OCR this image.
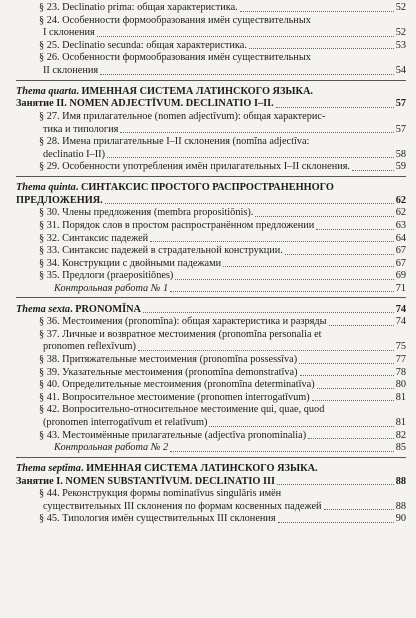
§ 23. Declinatio prima: общая характеристика.	52
§ 24. Особенности формообразования имён существительных
I склонения	52
§ 25. Declinatio secunda: общая характеристика.	53
§ 26. Особенности формообразования имён существительных
II склонения	54
Thema quarta. ИМЕННАЯ СИСТЕМА ЛАТИНСКОГО ЯЗЫКА.
Занятие II. NOMEN ADJECTĪVUM. DECLINATIO I–II.	57
§ 27. Имя прилагательное (nomen adjectīvum): общая характерис-
тика и типология	57
§ 28. Имена прилагательные I–II склонения (nomĭna adjectīva:
declinatio I–II)	58
§ 29. Особенности употребления имён прилагательных I–II склонения.	59
Thema quinta. СИНТАКСИС ПРОСТОГО РАСПРОСТРАНЕННОГО
ПРЕДЛОЖЕНИЯ.	62
§ 30. Члены предложения (membra propositiōnis).	62
§ 31. Порядок слов в простом распространённом предложении	63
§ 32. Синтаксис падежей	64
§ 33. Синтаксис падежей в страдательной конструкции.	67
§ 34. Конструкции с двойными падежами	67
§ 35. Предлоги (praepositiōnes)	69
Контрольная работа № 1	71
Thema sexta. PRONOMĬNA	74
§ 36. Местоимения (pronomĭna): общая характеристика и разряды	74
§ 37. Личные и возвратное местоимения (pronomĭna personalia et
pronomen reflexīvum)	75
§ 38. Притяжательные местоимения (pronomĭna possessīva)	77
§ 39. Указательные местоимения (pronomĭna demonstratīva)	78
§ 40. Определительные местоимения (pronomĭna determinatīva)	80
§ 41. Вопросительное местоимение (pronomen interrogatīvum)	81
§ 42. Вопросительно-относительное местоимение qui, quae, quod
(pronomen interrogatīvum et relatīvum)	81
§ 43. Местоимённые прилагательные (adjectīva pronominalia)	82
Контрольная работа № 2	85
Thema septĭma. ИМЕННАЯ СИСТЕМА ЛАТИНСКОГО ЯЗЫКА.
Занятие I. NOMEN SUBSTANTĪVUM. DECLINATIO III	88
§ 44. Реконструкция формы nominatīvus singulāris имён
существительных III склонения по формам косвенных падежей	88
§ 45. Типология имён существительных III склонения	90
